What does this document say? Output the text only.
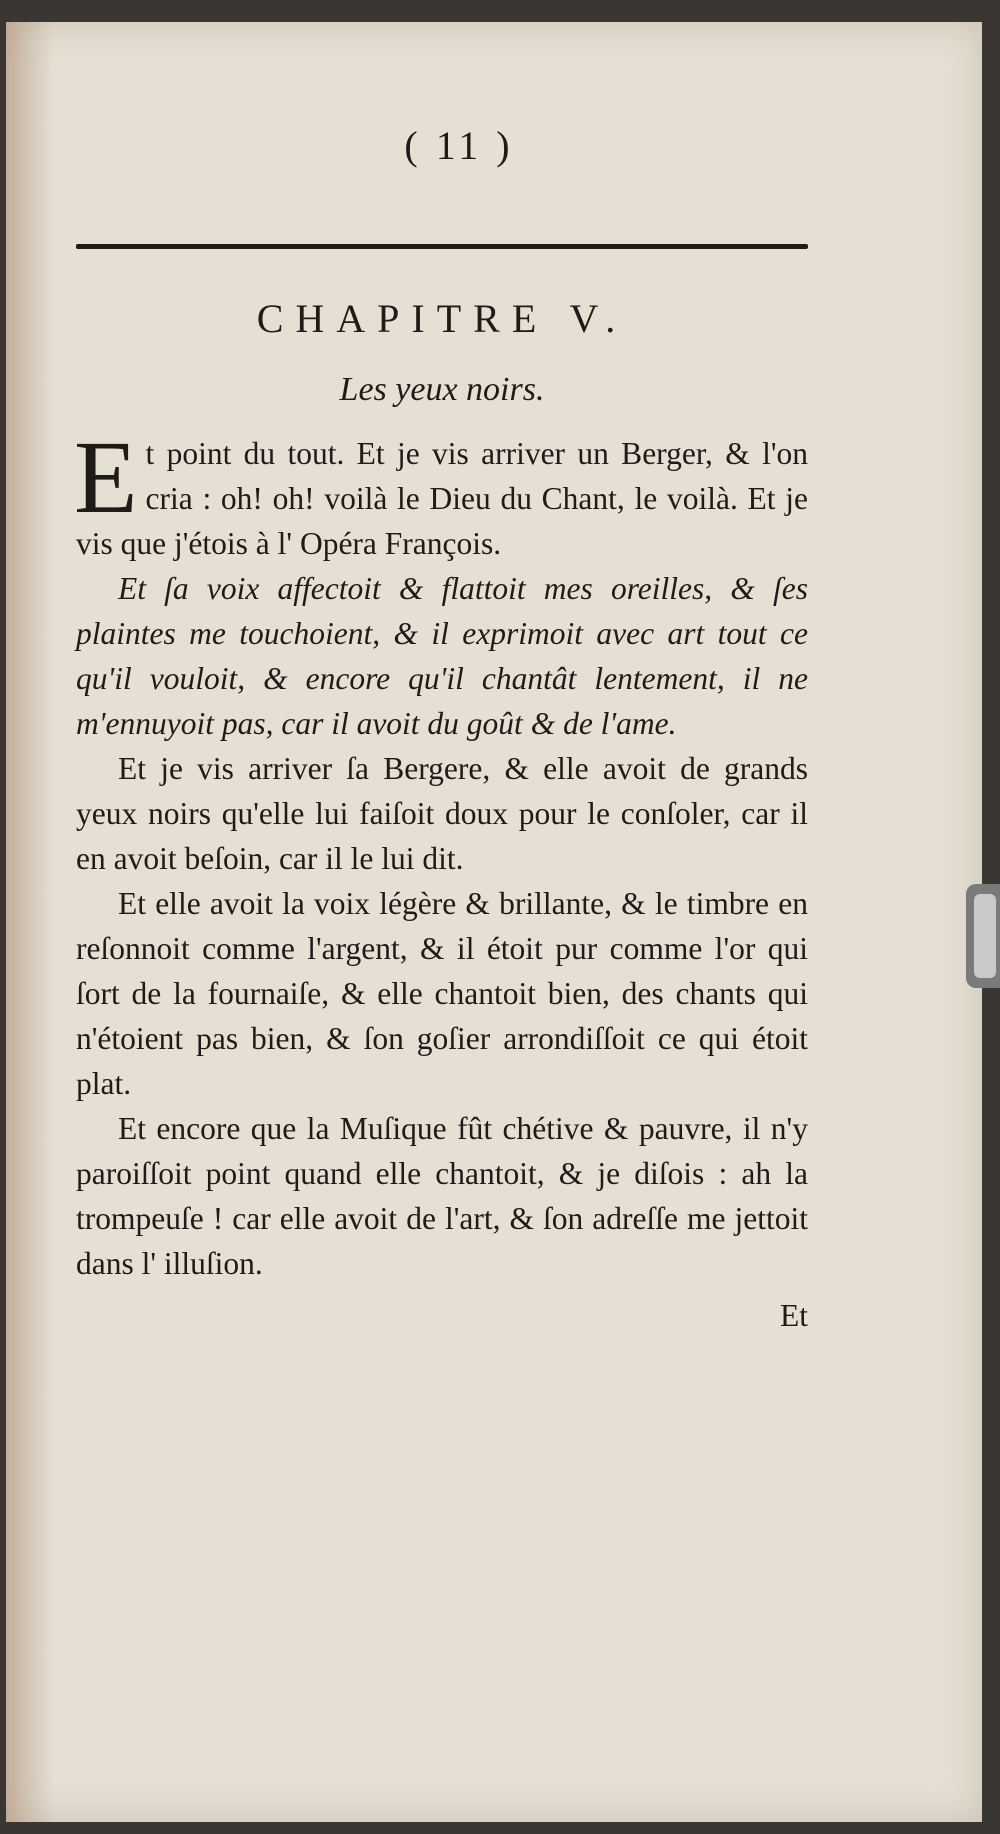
( 11 )
CHAPITRE V.
Les yeux noirs.

Et point du tout. Et je vis arriver un Berger, & l'on cria : oh! oh! voilà le Dieu du Chant, le voilà. Et je vis que j'étois à l' Opéra François.

Et ſa voix affectoit & flattoit mes oreilles, & ſes plaintes me touchoient, & il exprimoit avec art tout ce qu'il vouloit, & encore qu'il chantât lentement, il ne m'ennuyoit pas, car il avoit du goût & de l'ame.

Et je vis arriver ſa Bergere, & elle avoit de grands yeux noirs qu'elle lui faiſoit doux pour le conſoler, car il en avoit beſoin, car il le lui dit.

Et elle avoit la voix légère & brillante, & le timbre en reſonnoit comme l'argent, & il étoit pur comme l'or qui ſort de la fournaiſe, & elle chantoit bien, des chants qui n'étoient pas bien, & ſon goſier arrondiſſoit ce qui étoit plat.

Et encore que la Muſique fût chétive & pauvre, il n'y paroiſſoit point quand elle chantoit, & je diſois : ah la trompeuſe ! car elle avoit de l'art, & ſon adreſſe me jettoit dans l' illuſion.

Et
